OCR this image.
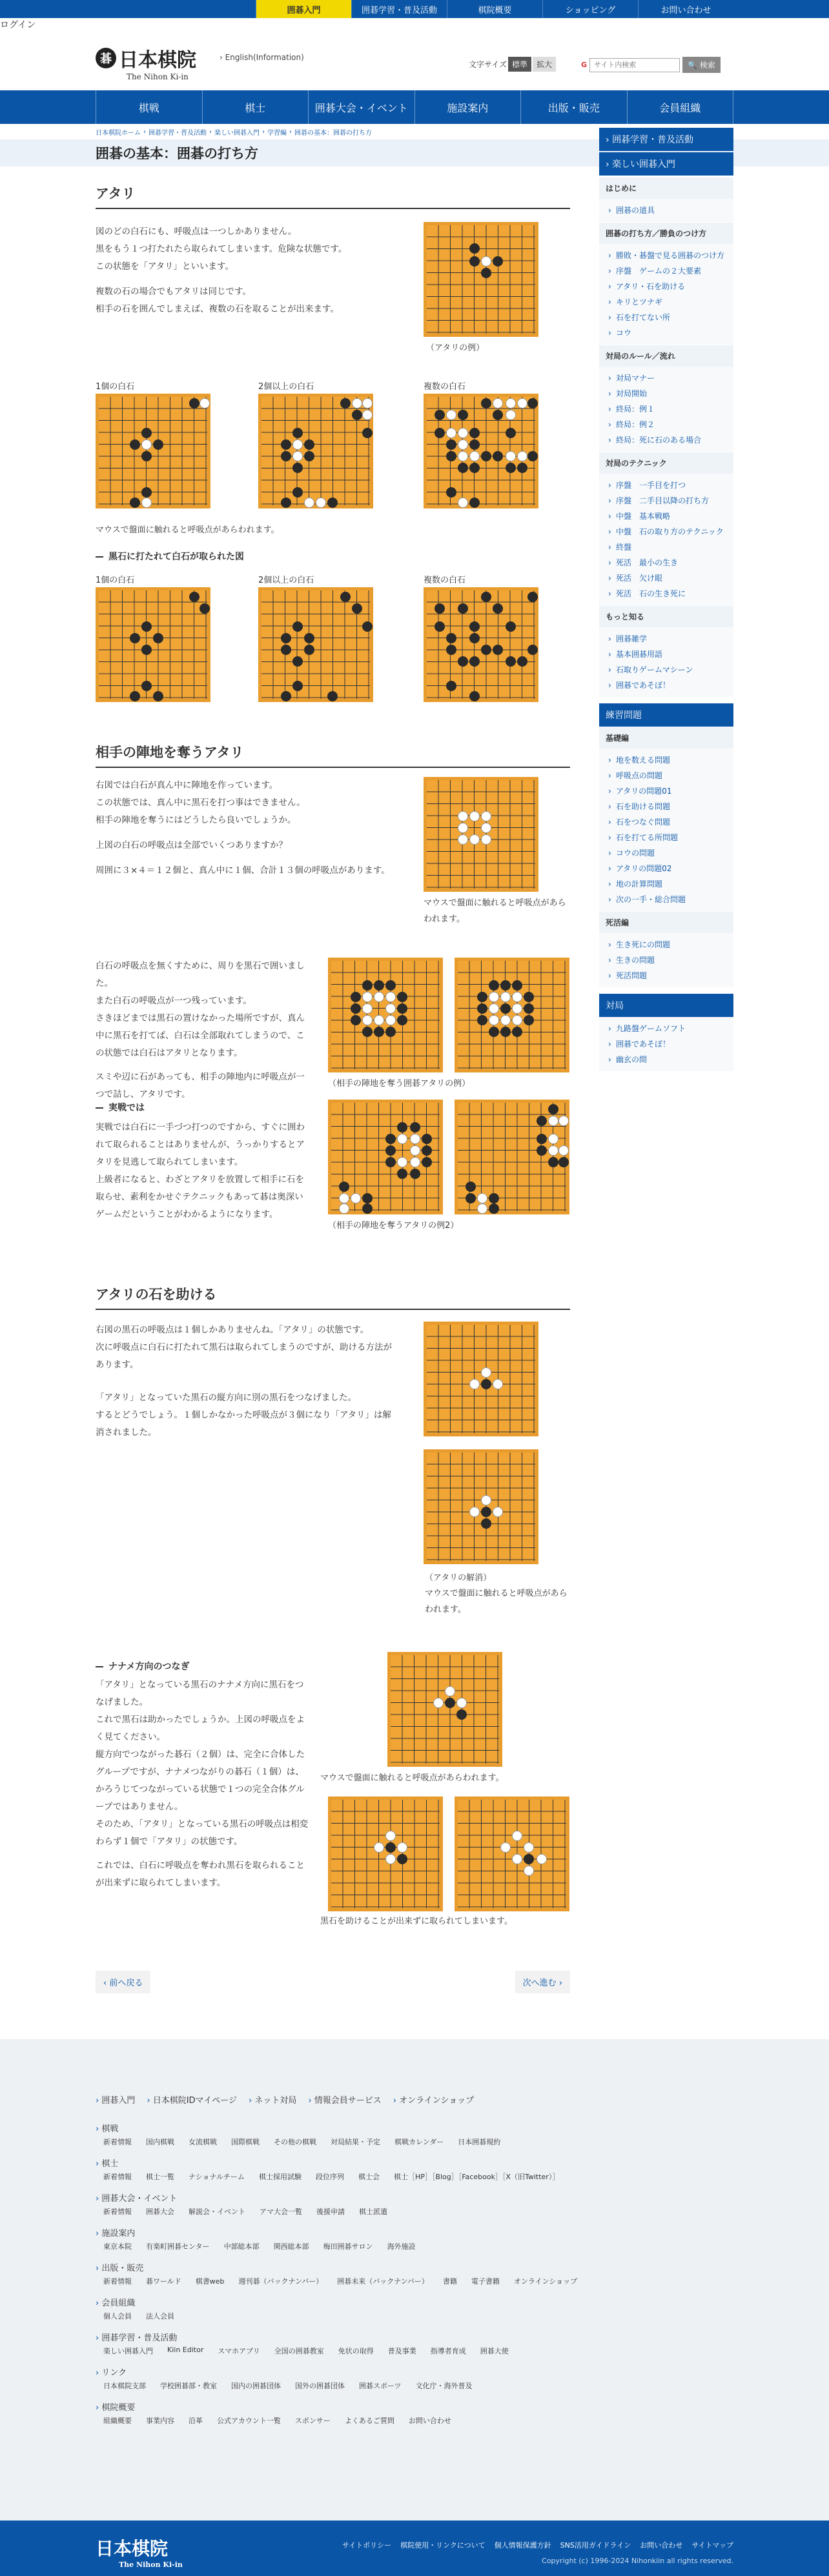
囲碁入門	囲碁学習・普及活動	棋院概要	ショッピング	お問い合わせ
ログイン
碁 日本棋院
The Nihon Ki-in
› English(Information)
文字サイズ 標準	拡大	G
サイト内検索	🔍 検索
棋戦	棋士	囲碁大会・イベント	施設案内	出版・販売	会員組織
日本棋院ホーム › 囲碁学習・普及活動 › 楽しい囲碁入門 › 学習編 › 囲碁の基本：囲碁の打ち方
囲碁の基本：囲碁の打ち方
アタリ
図のどの白石にも、呼吸点は一つしかありません。
黒をもう１つ打たれたら取られてしまいます。危険な状態です。
この状態を「アタリ」といいます。
複数の石の場合でもアタリは同じです。
相手の石を囲んでしまえば、複数の石を取ることが出来ます。
（アタリの例）
1個の白石	2個以上の白石	複数の白石
マウスで盤面に触れると呼吸点があらわれます。
黒石に打たれて白石が取られた図
1個の白石	2個以上の白石	複数の白石
相手の陣地を奪うアタリ
右図では白石が真ん中に陣地を作っています。
この状態では、真ん中に黒石を打つ事はできません。
相手の陣地を奪うにはどうしたら良いでしょうか。
上図の白石の呼吸点は全部でいくつありますか？
周囲に３×４＝１２個と、真ん中に１個、合計１３個の呼吸点があります。
マウスで盤面に触れると呼吸点があらわれます。
白石の呼吸点を無くすために、周りを黒石で囲いました。
また白石の呼吸点が一つ残っています。
さきほどまでは黒石の置けなかった場所ですが、真ん中に黒石を打てば、白石は全部取れてしまうので、この状態では白石はアタリとなります。
スミや辺に石があっても、相手の陣地内に呼吸点が一つで詰し、アタリです。
（相手の陣地を奪う囲碁アタリの例）
実戦では
実戦では白石に一手づつ打つのですから、すぐに囲われて取られることはありませんが、うっかりするとアタリを見逃して取られてしまいます。
上級者になると、わざとアタリを放置して相手に石を取らせ、素利をかせぐテクニックもあって碁は奥深いゲームだということがわかるようになります。
（相手の陣地を奪うアタリの例2）
アタリの石を助ける
右図の黒石の呼吸点は１個しかありませんね。「アタリ」の状態です。
次に呼吸点に白石に打たれて黒石は取られてしまうのですが、助ける方法があります。
「アタリ」となっていた黒石の縦方向に別の黒石をつなげました。
するとどうでしょう。１個しかなかった呼吸点が３個になり「アタリ」は解消されました。
（アタリの解消）
マウスで盤面に触れると呼吸点があらわれます。
ナナメ方向のつなぎ
「アタリ」となっている黒石のナナメ方向に黒石をつなげました。
これで黒石は助かったでしょうか。上図の呼吸点をよく見てください。
縦方向でつながった碁石（２個）は、完全に合体したグループですが、ナナメつながりの碁石（１個）は、かろうじてつながっている状態で１つの完全合体グループではありません。
そのため、「アタリ」となっている黒石の呼吸点は相変わらず１個で「アタリ」の状態です。
これでは、白石に呼吸点を奪われ黒石を取られることが出来ずに取られてしまいます。
マウスで盤面に触れると呼吸点があらわれます。
黒石を助けることが出来ずに取られてしまいます。
‹ 前へ戻る	次へ進む ›
› 囲碁学習・普及活動
› 楽しい囲碁入門
はじめに
› 囲碁の道具
囲碁の打ち方／勝負のつけ方
› 勝敗・碁盤で見る囲碁のつけ方
› 序盤　ゲームの２大要素
› アタリ・石を助ける
› キリとツナギ
› 石を打てない所
› コウ
対局のルール／流れ
› 対局マナー
› 対局開始
› 終局：例１
› 終局：例２
› 終局：死に石のある場合
対局のテクニック
› 序盤　一手目を打つ
› 序盤　二手目以降の打ち方
› 中盤　基本戦略
› 中盤　石の取り方のテクニック
› 終盤
› 死活　最小の生き
› 死活　欠け眼
› 死活　石の生き死に
もっと知る
› 囲碁雑学
› 基本囲碁用語
› 石取りゲームマシーン
› 囲碁であそぼ！
練習問題
基礎編
› 地を数える問題
› 呼吸点の問題
› アタリの問題01
› 石を助ける問題
› 石をつなぐ問題
› 石を打てる所問題
› コウの問題
› アタリの問題02
› 地の計算問題
› 次の一手・総合問題
死活編
› 生き死にの問題
› 生きの問題
› 死活問題
対局
› 九路盤ゲームソフト
› 囲碁であそぼ！
› 幽玄の間
› 囲碁入門	› 日本棋院IDマイページ	› ネット対局	› 情報会員サービス	› オンラインショップ
› 棋戦
新着情報 国内棋戦 女流棋戦 国際棋戦 その他の棋戦 対局結果・予定 棋戦カレンダー 日本囲碁規約
› 棋士
新着情報 棋士一覧 ナショナルチーム 棋士採用試験 段位序列 棋士会 棋士［HP］［Blog］［Facebook］［X（旧Twitter）］
› 囲碁大会・イベント
新着情報 囲碁大会 解説会・イベント アマ大会一覧 後援申請 棋士派遣
› 施設案内
東京本院 有楽町囲碁センター 中部総本部 関西総本部 梅田囲碁サロン 海外施設
› 出版・販売
新着情報 碁ワールド 棋書web 週刊碁（バックナンバー） 囲碁未来（バックナンバー） 書籍 電子書籍 オンラインショップ
› 会員組織
個人会員 法人会員
› 囲碁学習・普及活動
楽しい囲碁入門 Kiin Editor スマホアプリ 全国の囲碁教室 免状の取得 普及事業 指導者育成 囲碁大使
› リンク
日本棋院支部 学校囲碁部・教室 国内の囲碁団体 国外の囲碁団体 囲碁スポーツ 文化庁・海外普及
› 棋院概要
組織概要 事業内容 沿革 公式アカウント一覧 スポンサー よくあるご質問 お問い合わせ
日本棋院
The Nihon Ki-in
サイトポリシー 棋院使用・リンクについて 個人情報保護方針 SNS活用ガイドライン お問い合わせ サイトマップ
Copyright (c) 1996-2024 Nihonkiin all rights reserved.
